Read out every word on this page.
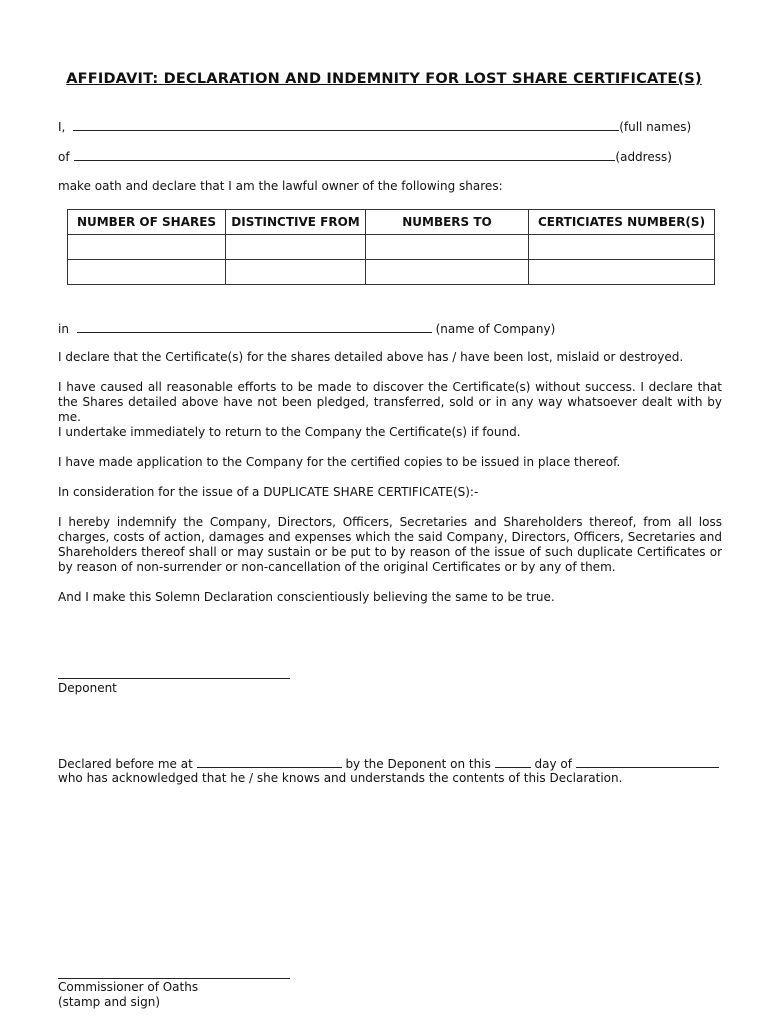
AFFIDAVIT: DECLARATION AND INDEMNITY FOR LOST SHARE CERTIFICATE(S)
I,	(full names)
of	(address)
make oath and declare that I am the lawful owner of the following shares:
NUMBER OF SHARES	DISTINCTIVE FROM	NUMBERS TO	CERTICIATES NUMBER(S)

in	(name of Company)
I declare that the Certificate(s) for the shares detailed above has / have been lost, mislaid or destroyed.
I have caused all reasonable efforts to be made to discover the Certificate(s) without success. I declare that the Shares detailed above have not been pledged, transferred, sold or in any way whatsoever dealt with by me.
I undertake immediately to return to the Company the Certificate(s) if found.
I have made application to the Company for the certified copies to be issued in place thereof.
In consideration for the issue of a DUPLICATE SHARE CERTIFICATE(S):-
I hereby indemnify the Company, Directors, Officers, Secretaries and Shareholders thereof, from all loss charges, costs of action, damages and expenses which the said Company, Directors, Officers, Secretaries and Shareholders thereof shall or may sustain or be put to by reason of the issue of such duplicate Certificates or by reason of non-surrender or non-cancellation of the original Certificates or by any of them.
And I make this Solemn Declaration conscientiously believing the same to be true.
Deponent
Declared before me at	by the Deponent on this	day of
who has acknowledged that he / she knows and understands the contents of this Declaration.
Commissioner of Oaths
(stamp and sign)
